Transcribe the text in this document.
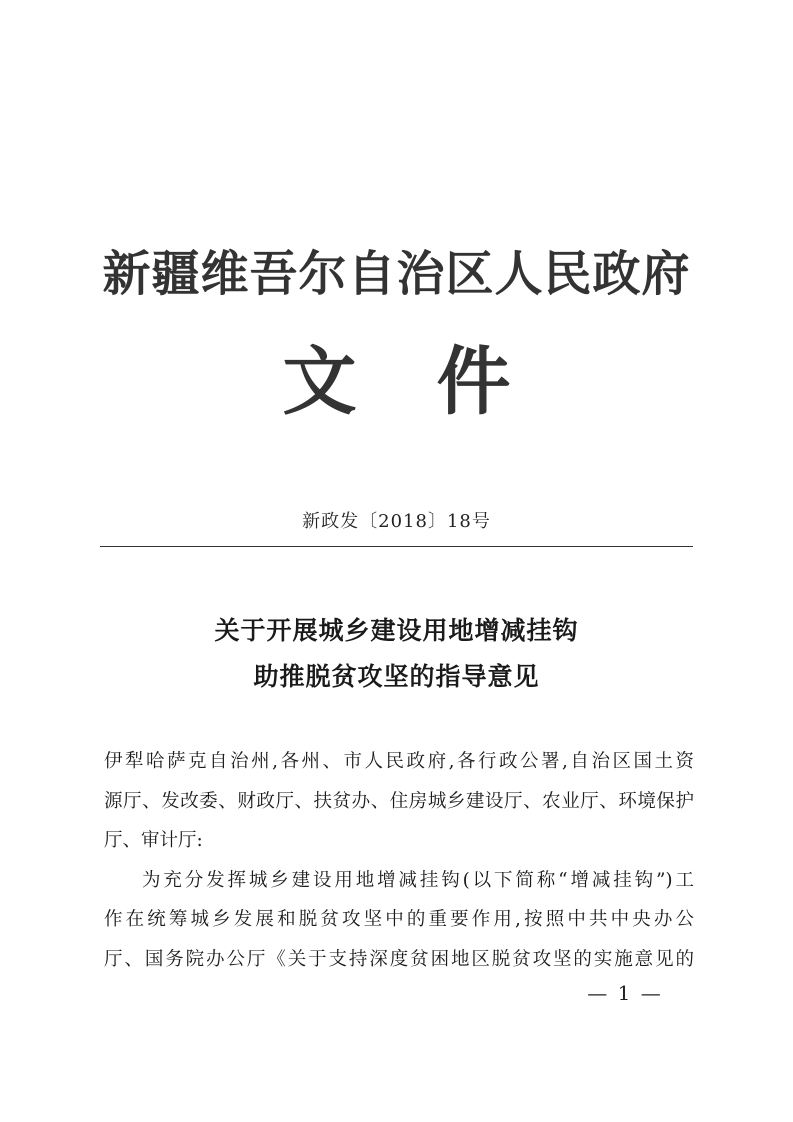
新疆维吾尔自治区人民政府
文 件
新政发〔2018〕18号
关于开展城乡建设用地增减挂钩
助推脱贫攻坚的指导意见
伊犁哈萨克自治州,各州、市人民政府,各行政公署,自治区国土资
源厅、发改委、财政厅、扶贫办、住房城乡建设厅、农业厅、环境保护
厅、审计厅:
为充分发挥城乡建设用地增减挂钩(以下简称“增减挂钩”)工
作在统筹城乡发展和脱贫攻坚中的重要作用,按照中共中央办公
厅、国务院办公厅《关于支持深度贫困地区脱贫攻坚的实施意见的
— 1 —
